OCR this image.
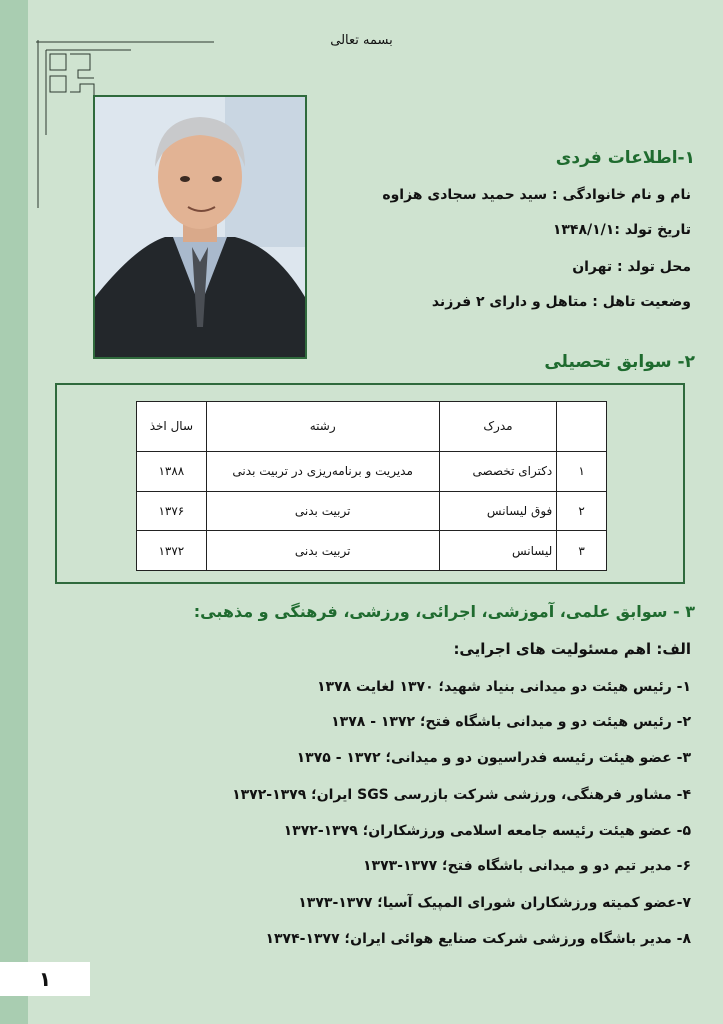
بسمه تعالی
۱-اطلاعات فردی
نام و نام خانوادگی : سید حمید سجادی هزاوه
تاریخ تولد :۱۳۴۸/۱/۱
محل تولد : تهران
وضعیت تاهل : متاهل و دارای ۲ فرزند
۲- سوابق تحصیلی
	مدرک	رشته	سال اخذ
۱	دکترای تخصصی	مدیریت و برنامه‌ریزی در تربیت بدنی	۱۳۸۸
۲	فوق لیسانس	تربیت بدنی	۱۳۷۶
۳	لیسانس	تربیت بدنی	۱۳۷۲
۳ - سوابق علمی، آموزشی، اجرائی، ورزشی، فرهنگی و مذهبی:
الف: اهم مسئولیت های اجرایی:
۱- رئیس هیئت دو میدانی بنیاد شهید؛ ۱۳۷۰ لغایت ۱۳۷۸
۲- رئیس هیئت دو و میدانی باشگاه فتح؛ ۱۳۷۲ - ۱۳۷۸
۳- عضو هیئت رئیسه فدراسیون دو و میدانی؛ ۱۳۷۲ - ۱۳۷۵
۴- مشاور فرهنگی، ورزشی شرکت بازرسی SGS ایران؛ ۱۳۷۹-۱۳۷۲
۵- عضو هیئت رئیسه جامعه اسلامی ورزشکاران؛ ۱۳۷۹-۱۳۷۲
۶- مدیر تیم دو و میدانی باشگاه فتح؛ ۱۳۷۷-۱۳۷۳
۷-عضو کمیته ورزشکاران شورای المپیک آسیا؛ ۱۳۷۷-۱۳۷۳
۸- مدیر باشگاه ورزشی شرکت صنایع هوائی ایران؛ ۱۳۷۷-۱۳۷۴
۱
